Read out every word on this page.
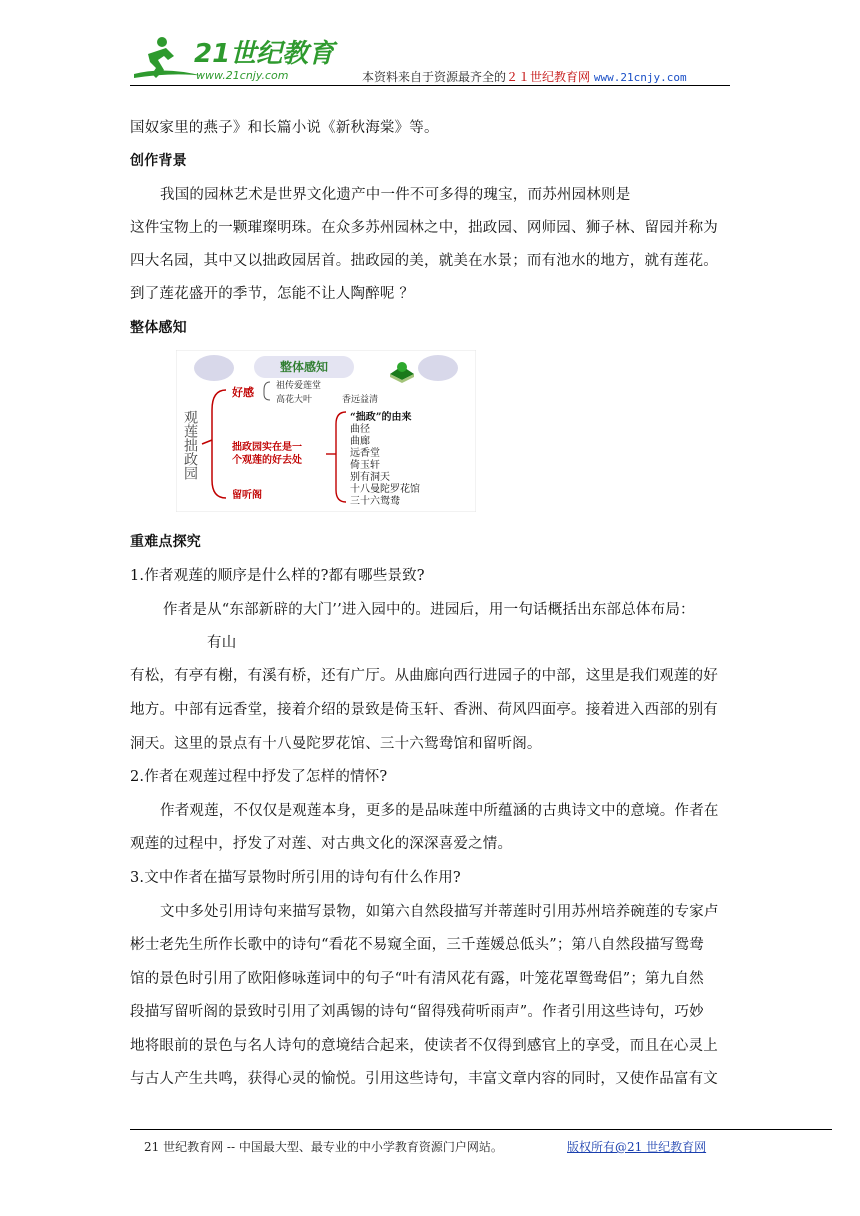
21世纪教育
www.21cnjy.com	本资料来自于资源最齐全的２１世纪教育网 www.21cnjy.com
国奴家里的燕子》和长篇小说《新秋海棠》等。
创作背景
我国的园林艺术是世界文化遗产中一件不可多得的瑰宝，而苏州园林则是
这件宝物上的一颗璀璨明珠。在众多苏州园林之中，拙政园、网师园、狮子林、留园并称为
四大名园，其中又以拙政园居首。拙政园的美，就美在水景；而有池水的地方，就有莲花。
到了莲花盛开的季节，怎能不让人陶醉呢 ？
整体感知
整体感知
观莲拙政园
好感 祖传爱莲堂
高花大叶	香远益清
拙政园实在是一
个观莲的好去处
“拙政”的由来
曲径
曲廊
远香堂
倚玉轩
别有洞天
十八曼陀罗花馆
三十六鸳鸯
留听阁
重难点探究
1.作者观莲的顺序是什么样的?都有哪些景致?
作者是从“东部新辟的大门’’进入园中的。进园后，用一句话概括出东部总体布局：
有山
有松，有亭有榭，有溪有桥，还有广厅。从曲廊向西行进园子的中部，这里是我们观莲的好
地方。中部有远香堂，接着介绍的景致是倚玉轩、香洲、荷风四面亭。接着进入西部的别有
洞天。这里的景点有十八曼陀罗花馆、三十六鸳鸯馆和留听阁。
2.作者在观莲过程中抒发了怎样的情怀?
作者观莲，不仅仅是观莲本身，更多的是品味莲中所蕴涵的古典诗文中的意境。作者在
观莲的过程中，抒发了对莲、对古典文化的深深喜爱之情。
3.文中作者在描写景物时所引用的诗句有什么作用?
文中多处引用诗句来描写景物，如第六自然段描写并蒂莲时引用苏州培养碗莲的专家卢
彬士老先生所作长歌中的诗句“看花不易窥全面，三千莲媛总低头”；第八自然段描写鸳鸯
馆的景色时引用了欧阳修咏莲词中的句子“叶有清风花有露，叶笼花罩鸳鸯侣”；第九自然
段描写留听阁的景致时引用了刘禹锡的诗句“留得残荷听雨声”。作者引用这些诗句，巧妙
地将眼前的景色与名人诗句的意境结合起来，使读者不仅得到感官上的享受，而且在心灵上
与古人产生共鸣，获得心灵的愉悦。引用这些诗句，丰富文章内容的同时，又使作品富有文
21 世纪教育网 -- 中国最大型、最专业的中小学教育资源门户网站。	版权所有@21 世纪教育网
